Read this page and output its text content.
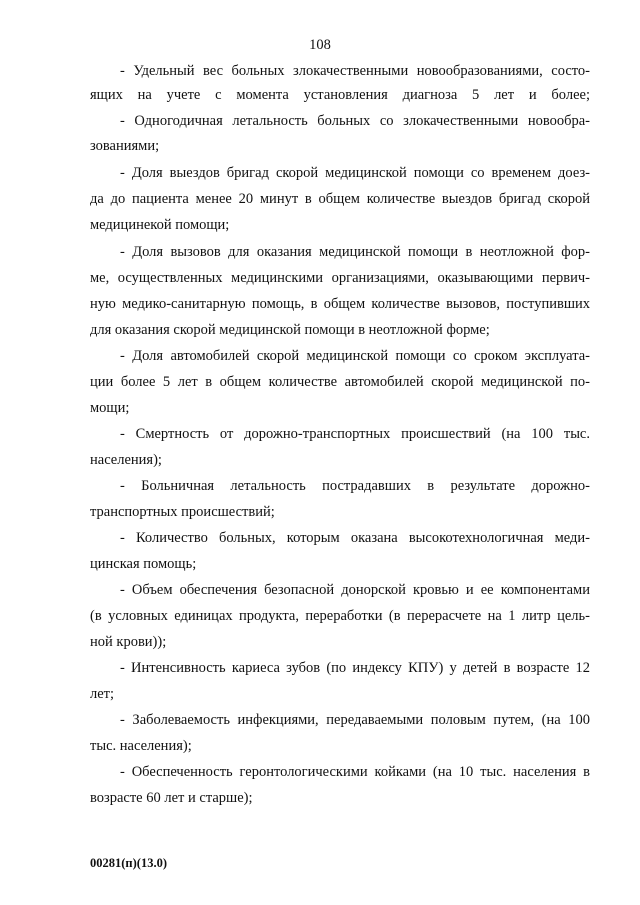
108
- Удельный вес больных злокачественными новообразованиями, состо-
ящих на учете с момента установления диагноза 5 лет и более;
- Одногодичная летальность больных со злокачественными новообра-
зованиями;
- Доля выездов бригад скорой медицинской помощи со временем доез-
да до пациента менее 20 минут в общем количестве выездов бригад скорой
медицинекой помощи;
- Доля вызовов для оказания медицинской помощи в неотложной фор-
ме, осуществленных медицинскими организациями, оказывающими первич-
ную медико-санитарную помощь, в общем количестве вызовов, поступивших
для оказания скорой медицинской помощи в неотложной форме;
- Доля автомобилей скорой медицинской помощи со сроком эксплуата-
ции более 5 лет в общем количестве автомобилей скорой медицинской по-
мощи;
- Смертность от дорожно-транспортных происшествий (на 100 тыс.
населения);
- Больничная летальность пострадавших в результате дорожно-
транспортных происшествий;
- Количество больных, которым оказана высокотехнологичная меди-
цинская помощь;
- Объем обеспечения безопасной донорской кровью и ее компонентами
(в условных единицах продукта, переработки (в перерасчете на 1 литр цель-
ной крови));
- Интенсивность кариеса зубов (по индексу КПУ) у детей в возрасте 12
лет;
- Заболеваемость инфекциями, передаваемыми половым путем, (на 100
тыс. населения);
- Обеспеченность геронтологическими койками (на 10 тыс. населения в
возрасте 60 лет и старше);
00281(п)(13.0)
